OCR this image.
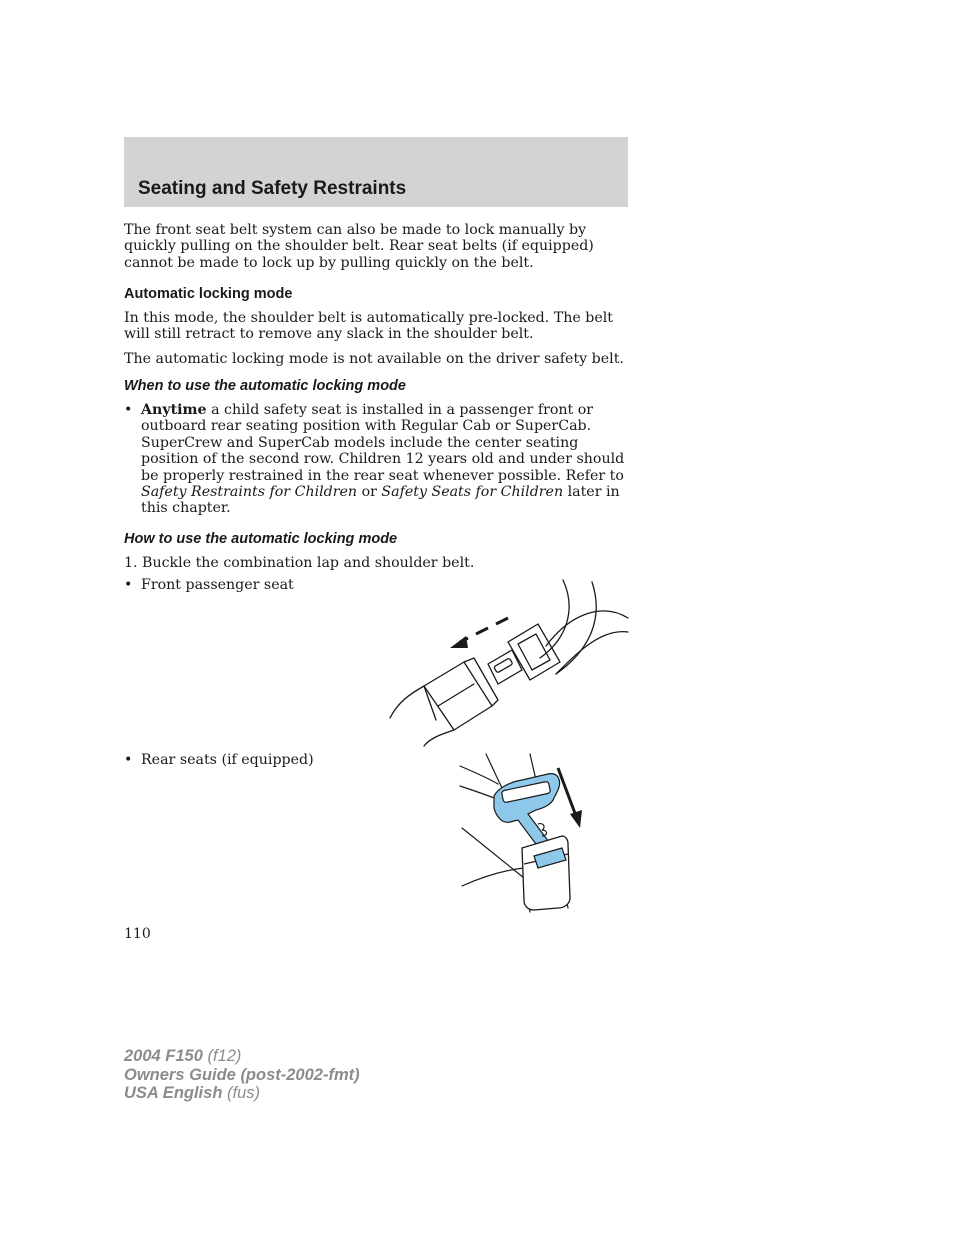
Seating and Safety Restraints

The front seat belt system can also be made to lock manually by quickly pulling on the shoulder belt. Rear seat belts (if equipped) cannot be made to lock up by pulling quickly on the belt.

Automatic locking mode

In this mode, the shoulder belt is automatically pre-locked. The belt will still retract to remove any slack in the shoulder belt.

The automatic locking mode is not available on the driver safety belt.

When to use the automatic locking mode

• Anytime a child safety seat is installed in a passenger front or outboard rear seating position with Regular Cab or SuperCab. SuperCrew and SuperCab models include the center seating position of the second row. Children 12 years old and under should be properly restrained in the rear seat whenever possible. Refer to Safety Restraints for Children or Safety Seats for Children later in this chapter.

How to use the automatic locking mode

1. Buckle the combination lap and shoulder belt.

• Front passenger seat
• Rear seats (if equipped)
110
2004 F150 (f12)
Owners Guide (post-2002-fmt)
USA English (fus)
